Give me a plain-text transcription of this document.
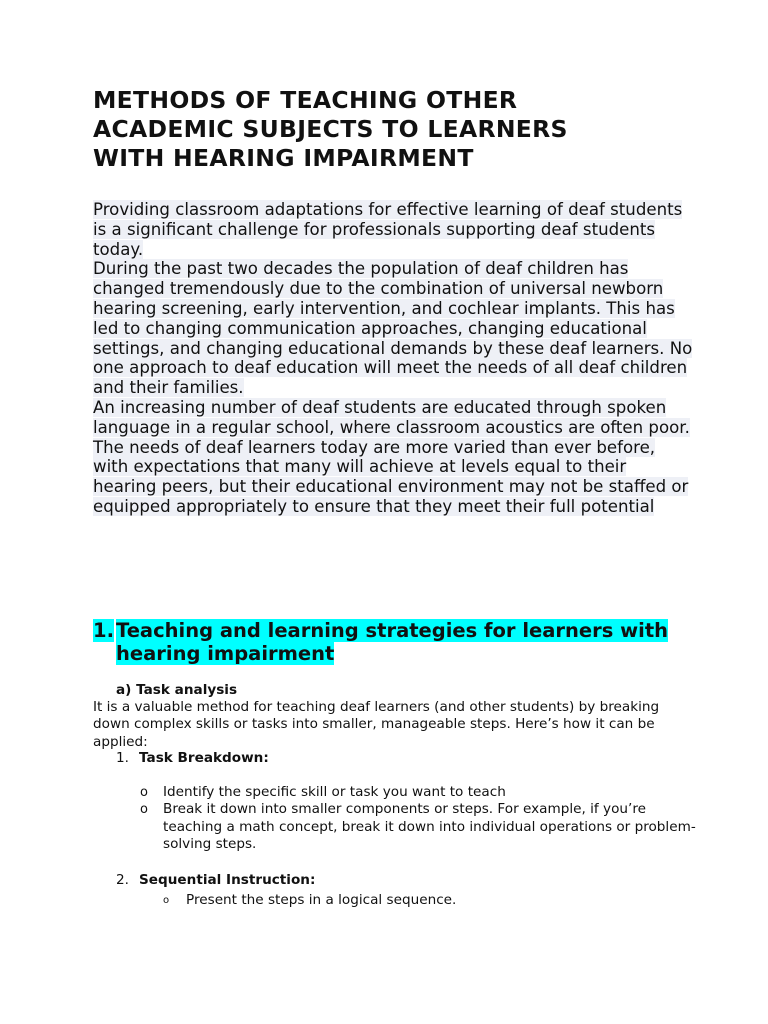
METHODS OF TEACHING OTHER
ACADEMIC SUBJECTS TO LEARNERS
WITH HEARING IMPAIRMENT

Providing classroom adaptations for effective learning of deaf students is a significant challenge for professionals supporting deaf students today.

During the past two decades the population of deaf children has changed tremendously due to the combination of universal newborn hearing screening, early intervention, and cochlear implants. This has led to changing communication approaches, changing educational settings, and changing educational demands by these deaf learners. No one approach to deaf education will meet the needs of all deaf children and their families.

An increasing number of deaf students are educated through spoken language in a regular school, where classroom acoustics are often poor. The needs of deaf learners today are more varied than ever before, with expectations that many will achieve at levels equal to their hearing peers, but their educational environment may not be staffed or equipped appropriately to ensure that they meet their full potential

1. Teaching and learning strategies for learners with hearing impairment
a) Task analysis

It is a valuable method for teaching deaf learners (and other students) by breaking down complex skills or tasks into smaller, manageable steps. Here’s how it can be applied:

1. Task Breakdown:

o Identify the specific skill or task you want to teach
o Break it down into smaller components or steps. For example, if you’re teaching a math concept, break it down into individual operations or problem-solving steps.

2. Sequential Instruction:

o Present the steps in a logical sequence.
